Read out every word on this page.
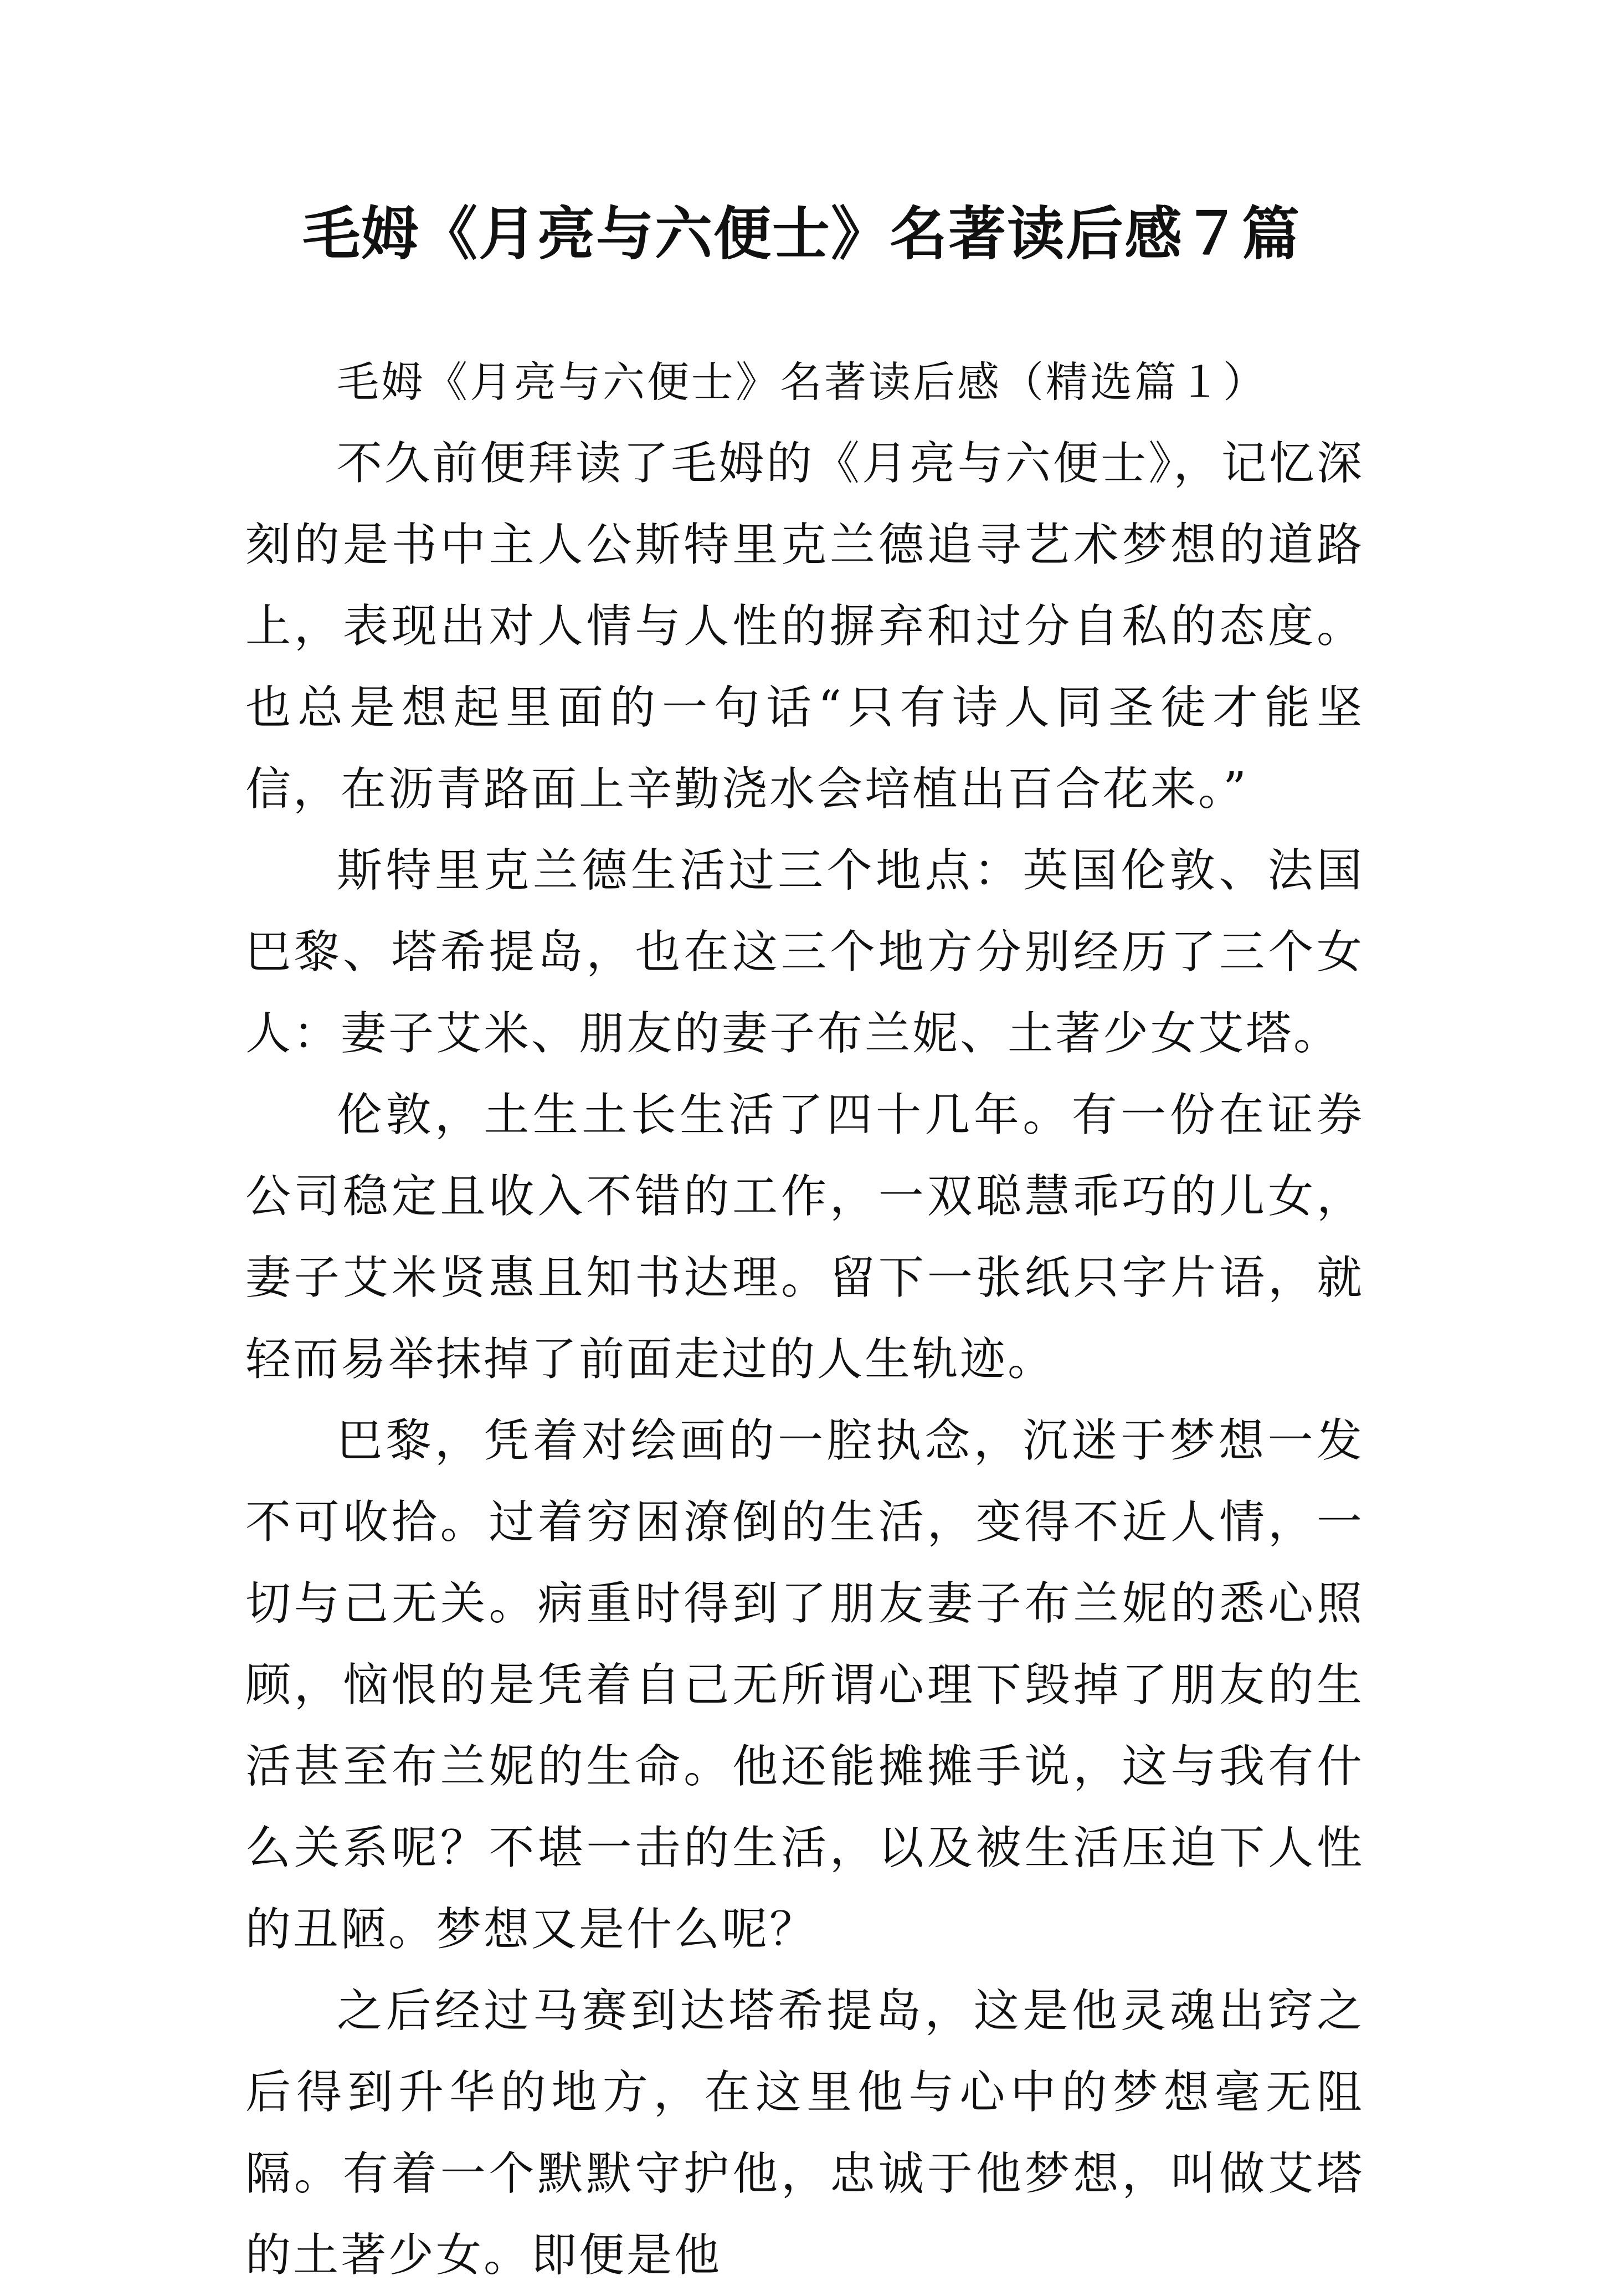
毛姆《月亮与六便士》名著读后感７篇

毛姆《月亮与六便士》名著读后感（精选篇１）

不久前便拜读了毛姆的《月亮与六便士》，记忆深刻的是书中主人公斯特里克兰德追寻艺术梦想的道路上，表现出对人情与人性的摒弃和过分自私的态度。也总是想起里面的一句话“只有诗人同圣徒才能坚信，在沥青路面上辛勤浇水会培植出百合花来。”

斯特里克兰德生活过三个地点：英国伦敦、法国巴黎、塔希提岛，也在这三个地方分别经历了三个女人：妻子艾米、朋友的妻子布兰妮、土著少女艾塔。

伦敦，土生土长生活了四十几年。有一份在证券公司稳定且收入不错的工作，一双聪慧乖巧的儿女，妻子艾米贤惠且知书达理。留下一张纸只字片语，就轻而易举抹掉了前面走过的人生轨迹。

巴黎，凭着对绘画的一腔执念，沉迷于梦想一发不可收拾。过着穷困潦倒的生活，变得不近人情，一切与己无关。病重时得到了朋友妻子布兰妮的悉心照顾，恼恨的是凭着自己无所谓心理下毁掉了朋友的生活甚至布兰妮的生命。他还能摊摊手说，这与我有什么关系呢？不堪一击的生活，以及被生活压迫下人性的丑陋。梦想又是什么呢？

之后经过马赛到达塔希提岛，这是他灵魂出窍之后得到升华的地方，在这里他与心中的梦想毫无阻隔。有着一个默默守护他，忠诚于他梦想，叫做艾塔的土著少女。即便是他
